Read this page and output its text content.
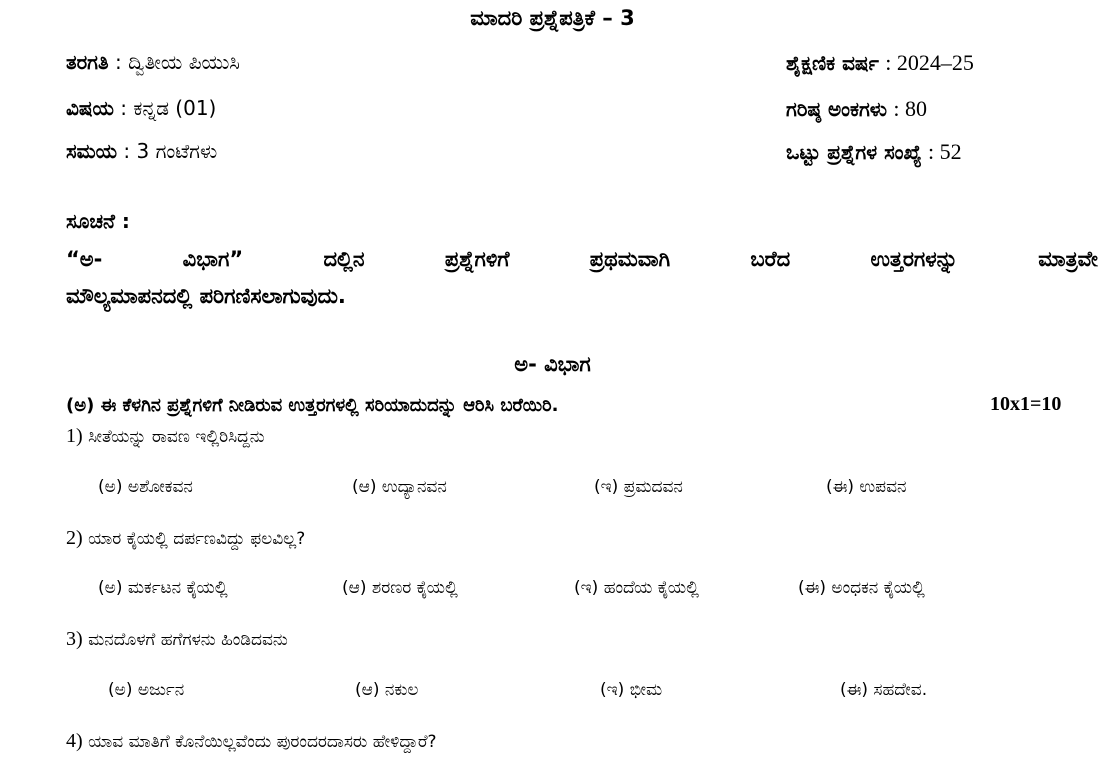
ಮಾದರಿ ಪ್ರಶ್ನೆಪತ್ರಿಕೆ – 3
ತರಗತಿ : ದ್ವಿತೀಯ ಪಿಯುಸಿ	ಶೈಕ್ಷಣಿಕ ವರ್ಷ : 2024–25
ವಿಷಯ : ಕನ್ನಡ (01)	ಗರಿಷ್ಠ ಅಂಕಗಳು : 80
ಸಮಯ : 3 ಗಂಟೆಗಳು	ಒಟ್ಟು ಪ್ರಶ್ನೆಗಳ ಸಂಖ್ಯೆ : 52
ಸೂಚನೆ :
“ಅ-	ವಿಭಾಗ”	ದಲ್ಲಿನ	ಪ್ರಶ್ನೆಗಳಿಗೆ	ಪ್ರಥಮವಾಗಿ	ಬರೆದ	ಉತ್ತರಗಳನ್ನು	ಮಾತ್ರವೇ
ಮೌಲ್ಯಮಾಪನದಲ್ಲಿ ಪರಿಗಣಿಸಲಾಗುವುದು.
ಅ- ವಿಭಾಗ
(ಅ) ಈ ಕೆಳಗಿನ ಪ್ರಶ್ನೆಗಳಿಗೆ ನೀಡಿರುವ ಉತ್ತರಗಳಲ್ಲಿ ಸರಿಯಾದುದನ್ನು ಆರಿಸಿ ಬರೆಯಿರಿ.	10x1=10
1) ಸೀತೆಯನ್ನು ರಾವಣ ಇಲ್ಲಿರಿಸಿದ್ದನು
(ಅ) ಅಶೋಕವನ	(ಆ) ಉದ್ಯಾನವನ	(ಇ) ಪ್ರಮದವನ	(ಈ) ಉಪವನ
2) ಯಾರ ಕೈಯಲ್ಲಿ ದರ್ಪಣವಿದ್ದು ಫಲವಿಲ್ಲ?
(ಅ) ಮರ್ಕಟನ ಕೈಯಲ್ಲಿ	(ಆ) ಶರಣರ ಕೈಯಲ್ಲಿ	(ಇ) ಹಂದೆಯ ಕೈಯಲ್ಲಿ	(ಈ) ಅಂಧಕನ ಕೈಯಲ್ಲಿ
3) ಮನದೊಳಗೆ ಹಗೆಗಳನು ಹಿಂಡಿದವನು
(ಅ) ಅರ್ಜುನ	(ಆ) ನಕುಲ	(ಇ) ಭೀಮ	(ಈ) ಸಹದೇವ.
4) ಯಾವ ಮಾತಿಗೆ ಕೊನೆಯಿಲ್ಲವೆಂದು ಪುರಂದರದಾಸರು ಹೇಳಿದ್ದಾರೆ?
